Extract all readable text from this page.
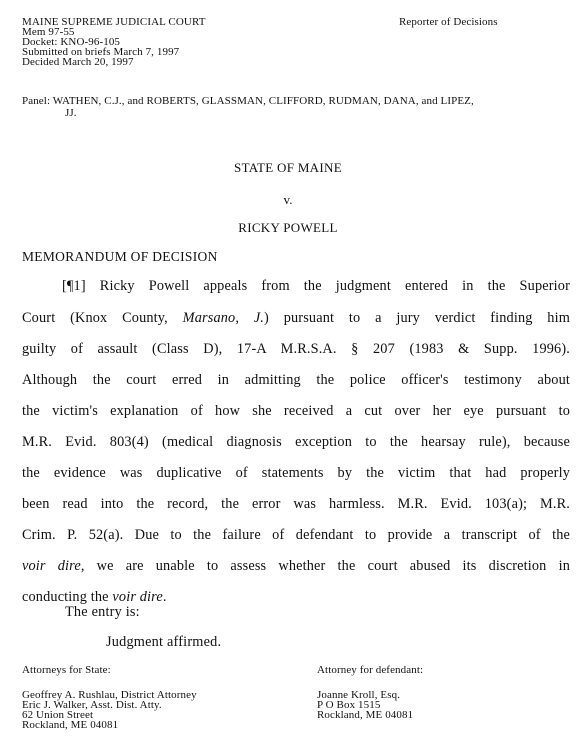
MAINE SUPREME JUDICIAL COURT
Mem 97-55
Docket: KNO-96-105
Submitted on briefs March 7, 1997
Decided March 20, 1997
Reporter of Decisions
Panel: WATHEN, C.J., and ROBERTS, GLASSMAN, CLIFFORD, RUDMAN, DANA, and LIPEZ,
JJ.
STATE OF MAINE
v.
RICKY POWELL
MEMORANDUM OF DECISION
[¶1] Ricky Powell appeals from the judgment entered in the Superior
Court (Knox County, Marsano, J.) pursuant to a jury verdict finding him
guilty of assault (Class D), 17-A M.R.S.A. § 207 (1983 & Supp. 1996).
Although the court erred in admitting the police officer's testimony about
the victim's explanation of how she received a cut over her eye pursuant to
M.R. Evid. 803(4) (medical diagnosis exception to the hearsay rule), because
the evidence was duplicative of statements by the victim that had properly
been read into the record, the error was harmless. M.R. Evid. 103(a); M.R.
Crim. P. 52(a). Due to the failure of defendant to provide a transcript of the
voir dire, we are unable to assess whether the court abused its discretion in
conducting the voir dire.
The entry is:
Judgment affirmed.
Attorneys for State:
Geoffrey A. Rushlau, District Attorney
Eric J. Walker, Asst. Dist. Atty.
62 Union Street
Rockland, ME 04081
Attorney for defendant:
Joanne Kroll, Esq.
P O Box 1515
Rockland, ME 04081
